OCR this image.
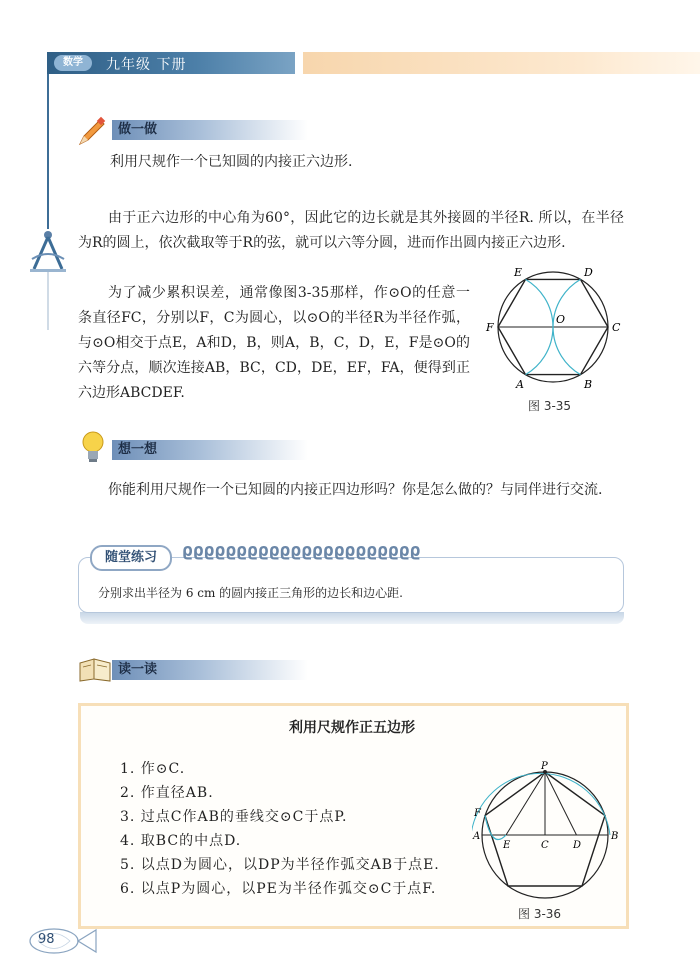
数学	九年级 下册
做一做
利用尺规作一个已知圆的内接正六边形.
由于正六边形的中心角为60°，因此它的边长就是其外接圆的半径R. 所以，在半径为R的圆上，依次截取等于R的弦，就可以六等分圆，进而作出圆内接正六边形.
为了减少累积误差，通常像图3-35那样，作⊙O的任意一条直径FC，分别以F，C为圆心，以⊙O的半径R为半径作弧，与⊙O相交于点E，A和D，B，则A，B，C，D，E，F是⊙O的六等分点，顺次连接AB，BC，CD，DE，EF，FA，便得到正六边形ABCDEF.
E	D
F
O
C
A	B
图 3-35
想一想
你能利用尺规作一个已知圆的内接正四边形吗？你是怎么做的？与同伴进行交流.
ϱϱϱϱϱϱϱϱϱϱϱϱϱϱϱϱϱϱϱϱϱϱ
随堂练习
分别求出半径为 6 cm 的圆内接正三角形的边长和边心距.
读一读
利用尺规作正五边形
1. 作⊙C.
2. 作直径AB.
3. 过点C作AB的垂线交⊙C于点P.
4. 取BC的中点D.
5. 以点D为圆心，以DP为半径作弧交AB于点E.
6. 以点P为圆心，以PE为半径作弧交⊙C于点F.
P
F
A
E	C D
B
图 3-36
98
